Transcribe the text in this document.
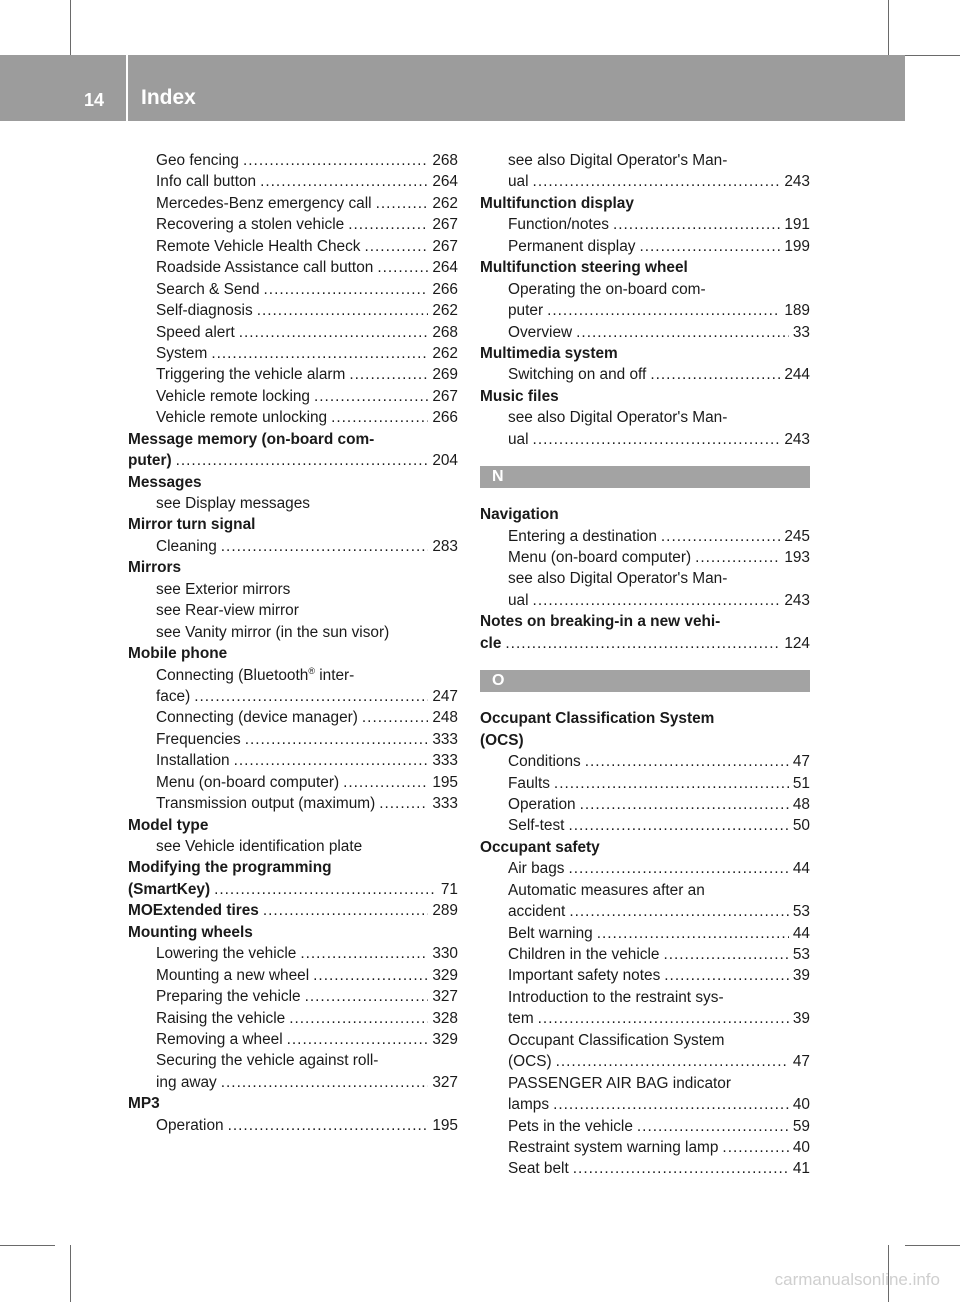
14 Index
Geo fencing .....	268
Info call button .....	264
Mercedes-Benz emergency call .....	262
Recovering a stolen vehicle .....	267
Remote Vehicle Health Check .....	267
Roadside Assistance call button .....	264
Search & Send .....	266
Self-diagnosis .....	262
Speed alert .....	268
System .....	262
Triggering the vehicle alarm .....	269
Vehicle remote locking .....	267
Vehicle remote unlocking .....	266
Message memory (on-board com-
puter) .....	204
Messages
see Display messages
Mirror turn signal
Cleaning .....	283
Mirrors
see Exterior mirrors
see Rear-view mirror
see Vanity mirror (in the sun visor)
Mobile phone
Connecting (Bluetooth® inter-
face) .....	247
Connecting (device manager) .....	248
Frequencies .....	333
Installation .....	333
Menu (on-board computer) .....	195
Transmission output (maximum) .....	333
Model type
see Vehicle identification plate
Modifying the programming
(SmartKey) .....	71
MOExtended tires .....	289
Mounting wheels
Lowering the vehicle .....	330
Mounting a new wheel .....	329
Preparing the vehicle .....	327
Raising the vehicle .....	328
Removing a wheel .....	329
Securing the vehicle against roll-
ing away .....	327
MP3
Operation .....	195
see also Digital Operator's Man-
ual .....	243
Multifunction display
Function/notes .....	191
Permanent display .....	199
Multifunction steering wheel
Operating the on-board com-
puter .....	189
Overview .....	33
Multimedia system
Switching on and off .....	244
Music files
see also Digital Operator's Man-
ual .....	243
N
Navigation
Entering a destination .....	245
Menu (on-board computer) .....	193
see also Digital Operator's Man-
ual .....	243
Notes on breaking-in a new vehi-
cle .....	124
O
Occupant Classification System
(OCS)
Conditions .....	47
Faults .....	51
Operation .....	48
Self-test .....	50
Occupant safety
Air bags .....	44
Automatic measures after an
accident .....	53
Belt warning .....	44
Children in the vehicle .....	53
Important safety notes .....	39
Introduction to the restraint sys-
tem .....	39
Occupant Classification System
(OCS) .....	47
PASSENGER AIR BAG indicator
lamps .....	40
Pets in the vehicle .....	59
Restraint system warning lamp .....	40
Seat belt .....	41
carmanualsonline.info
